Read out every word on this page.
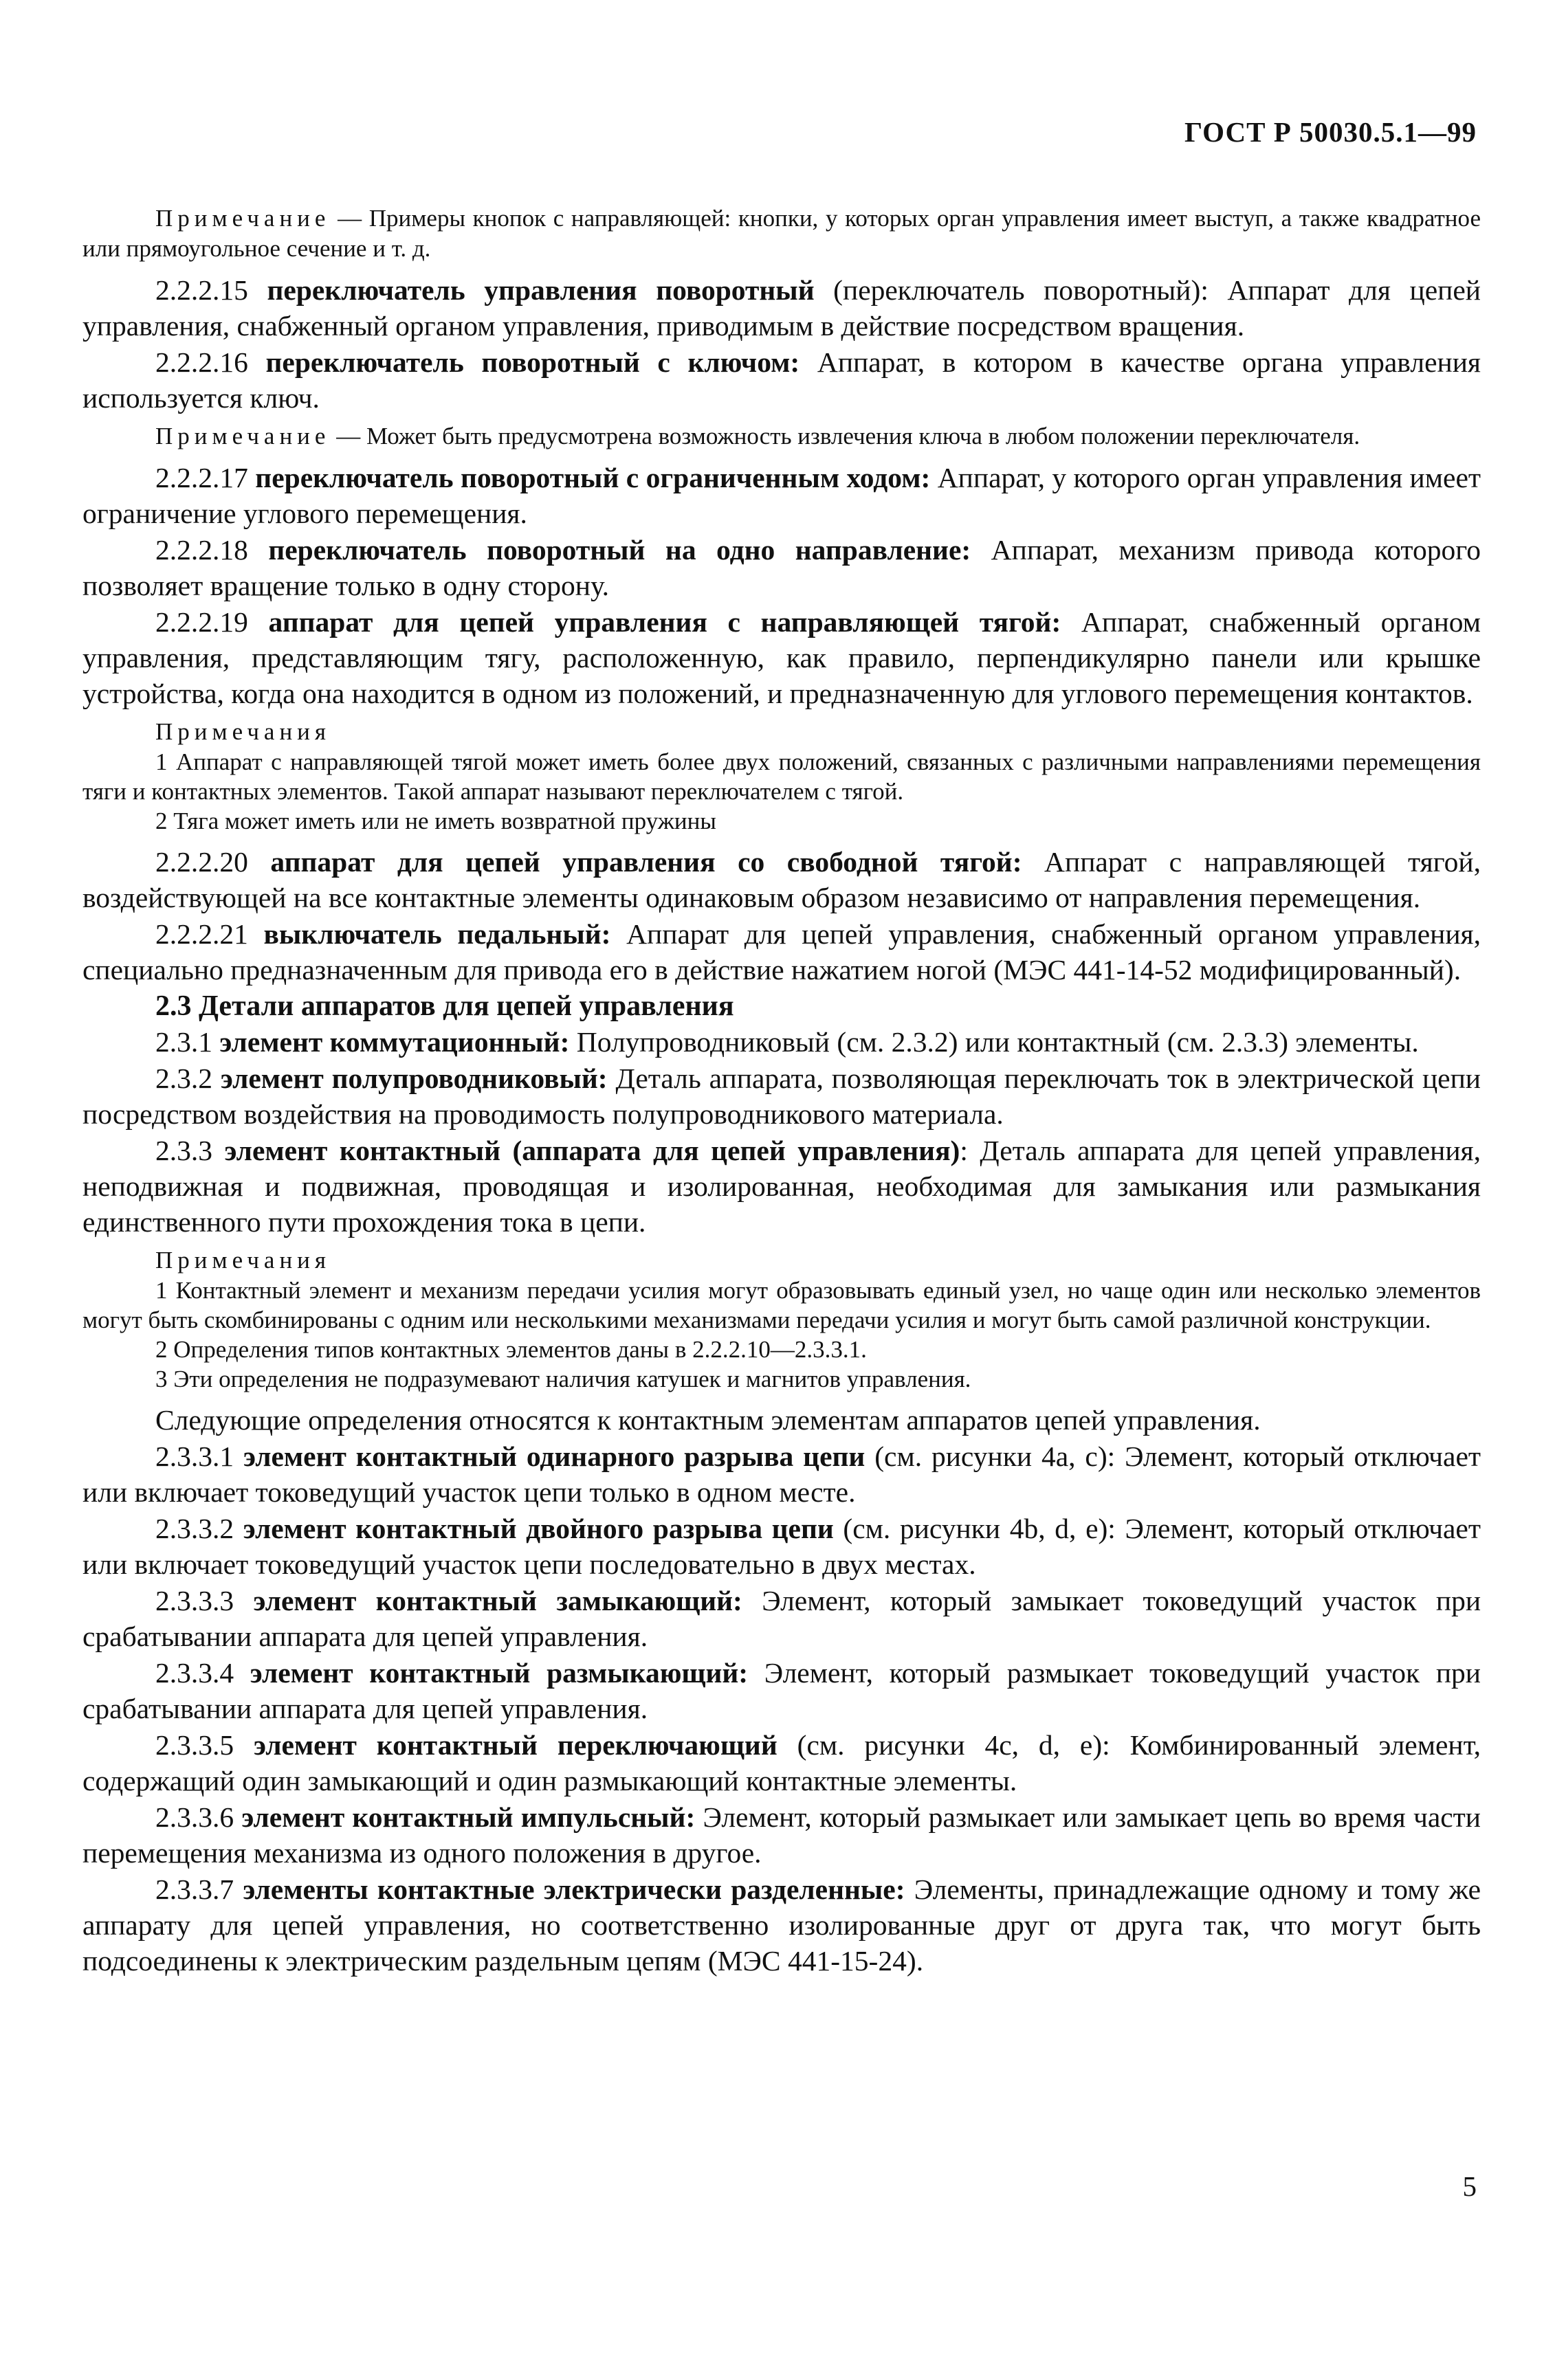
ГОСТ Р 50030.5.1—99

Примечание — Примеры кнопок с направляющей: кнопки, у которых орган управления имеет выступ, а также квадратное или прямоугольное сечение и т. д.

2.2.2.15 переключатель управления поворотный (переключатель поворотный): Аппарат для цепей управления, снабженный органом управления, приводимым в действие посредством вращения.

2.2.2.16 переключатель поворотный с ключом: Аппарат, в котором в качестве органа управления используется ключ.

Примечание — Может быть предусмотрена возможность извлечения ключа в любом положении переключателя.

2.2.2.17 переключатель поворотный с ограниченным ходом: Аппарат, у которого орган управления имеет ограничение углового перемещения.

2.2.2.18 переключатель поворотный на одно направление: Аппарат, механизм привода которого позволяет вращение только в одну сторону.

2.2.2.19 аппарат для цепей управления с направляющей тягой: Аппарат, снабженный органом управления, представляющим тягу, расположенную, как правило, перпендикулярно панели или крышке устройства, когда она находится в одном из положений, и предназначенную для углового перемещения контактов.

Примечания

1 Аппарат с направляющей тягой может иметь более двух положений, связанных с различными направлениями перемещения тяги и контактных элементов. Такой аппарат называют переключателем с тягой.

2 Тяга может иметь или не иметь возвратной пружины

2.2.2.20 аппарат для цепей управления со свободной тягой: Аппарат с направляющей тягой, воздействующей на все контактные элементы одинаковым образом независимо от направления перемещения.

2.2.2.21 выключатель педальный: Аппарат для цепей управления, снабженный органом управления, специально предназначенным для привода его в действие нажатием ногой (МЭС 441-14-52 модифицированный).

2.3 Детали аппаратов для цепей управления

2.3.1 элемент коммутационный: Полупроводниковый (см. 2.3.2) или контактный (см. 2.3.3) элементы.

2.3.2 элемент полупроводниковый: Деталь аппарата, позволяющая переключать ток в электрической цепи посредством воздействия на проводимость полупроводникового материала.

2.3.3 элемент контактный (аппарата для цепей управления): Деталь аппарата для цепей управления, неподвижная и подвижная, проводящая и изолированная, необходимая для замыкания или размыкания единственного пути прохождения тока в цепи.

Примечания

1 Контактный элемент и механизм передачи усилия могут образовывать единый узел, но чаще один или несколько элементов могут быть скомбинированы с одним или несколькими механизмами передачи усилия и могут быть самой различной конструкции.

2 Определения типов контактных элементов даны в 2.2.2.10—2.3.3.1.

3 Эти определения не подразумевают наличия катушек и магнитов управления.

Следующие определения относятся к контактным элементам аппаратов цепей управления.

2.3.3.1 элемент контактный одинарного разрыва цепи (см. рисунки 4а, с): Элемент, который отключает или включает токоведущий участок цепи только в одном месте.

2.3.3.2 элемент контактный двойного разрыва цепи (см. рисунки 4b, d, е): Элемент, который отключает или включает токоведущий участок цепи последовательно в двух местах.

2.3.3.3 элемент контактный замыкающий: Элемент, который замыкает токоведущий участок при срабатывании аппарата для цепей управления.

2.3.3.4 элемент контактный размыкающий: Элемент, который размыкает токоведущий участок при срабатывании аппарата для цепей управления.

2.3.3.5 элемент контактный переключающий (см. рисунки 4с, d, е): Комбинированный элемент, содержащий один замыкающий и один размыкающий контактные элементы.

2.3.3.6 элемент контактный импульсный: Элемент, который размыкает или замыкает цепь во время части перемещения механизма из одного положения в другое.

2.3.3.7 элементы контактные электрически разделенные: Элементы, принадлежащие одному и тому же аппарату для цепей управления, но соответственно изолированные друг от друга так, что могут быть подсоединены к электрическим раздельным цепям (МЭС 441-15-24).

5
